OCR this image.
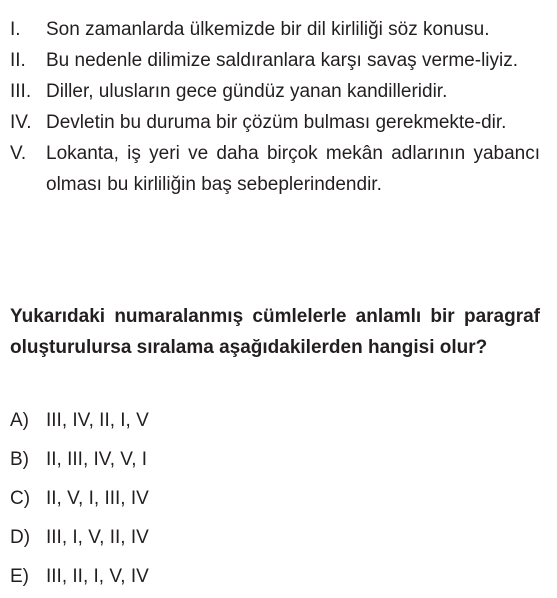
I. Son zamanlarda ülkemizde bir dil kirliliği söz konusu.
II. Bu nedenle dilimize saldıranlara karşı savaş verme-liyiz.
III. Diller, ulusların gece gündüz yanan kandilleridir.
IV. Devletin bu duruma bir çözüm bulması gerekmekte-dir.
V. Lokanta, iş yeri ve daha birçok mekân adlarının yabancı olması bu kirliliğin baş sebeplerindendir.
Yukarıdaki numaralanmış cümlelerle anlamlı bir paragraf oluşturulursa sıralama aşağıdakilerden hangisi olur?
A) III, IV, II, I, V
B) II, III, IV, V, I
C) II, V, I, III, IV
D) III, I, V, II, IV
E) III, II, I, V, IV
